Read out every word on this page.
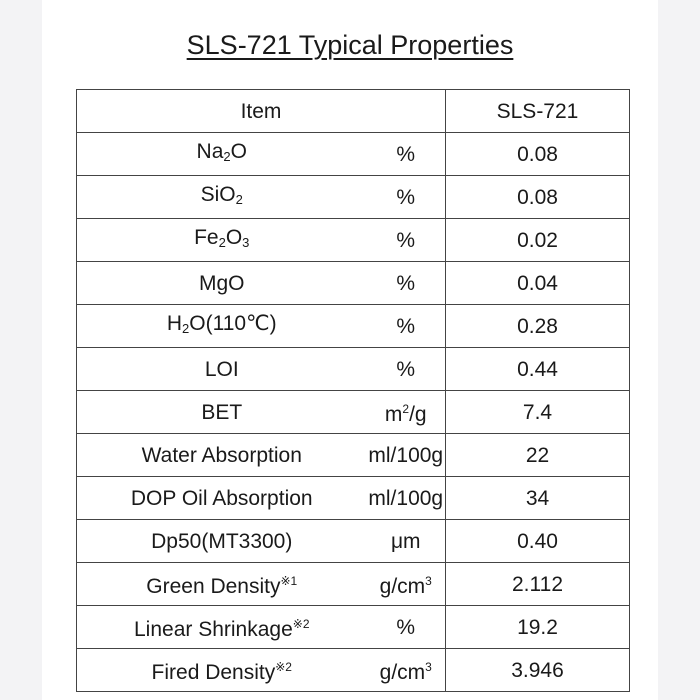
SLS-721 Typical Properties
Item		SLS-721
$Na_2O$	%	0.08
SiO$_2$	%	0.08
$Fe_2O_3$	%	0.02
MgO	%	0.04
$H_2O(110℃)$	%	0.28
LOI	%	0.44
BET	$m^2/g$	7.4
Water Absorption	ml/100g	22
DOP Oil Absorption	ml/100g	34
Dp50(MT3300)	μm	0.40
Green Density$^{※1}$	$g/cm^3$	2.112
Linear Shrinkage$^{※2}$	%	19.2
Fired Density$^{※2}$	$g/cm^3$	3.946
